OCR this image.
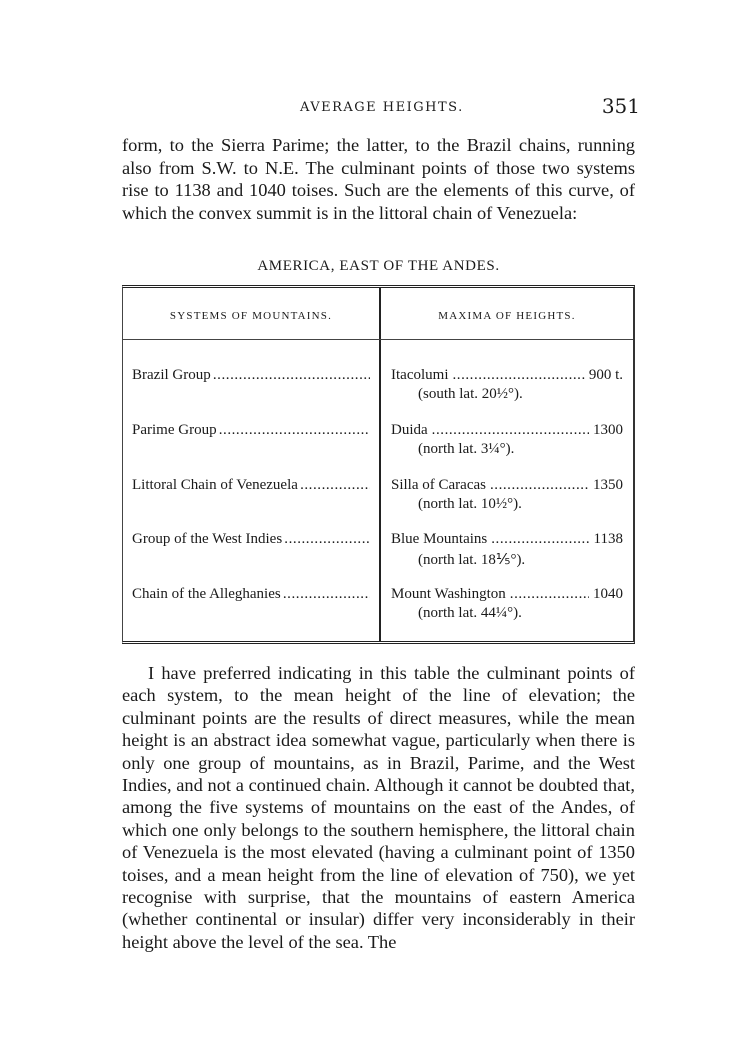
AVERAGE HEIGHTS.	351

form, to the Sierra Parime; the latter, to the Brazil chains, running also from S.W. to N.E. The culminant points of those two systems rise to 1138 and 1040 toises. Such are the elements of this curve, of which the convex summit is in the littoral chain of Venezuela:

AMERICA, EAST OF THE ANDES.
SYSTEMS OF MOUNTAINS.	MAXIMA OF HEIGHTS.
Brazil Group . . .	Itacolumi . . .	900 t.
(south lat. 20½°).
Parime Group . . .	Duida . . .	1300
(north lat. 3¼°).
Littoral Chain of Venezuela . . .	Silla of Caracas . . .	1350
(north lat. 10½°).
Group of the West Indies . . .	Blue Mountains . . .	1138
(north lat. 18⅕°).
Chain of the Alleghanies . . .	Mount Washington . . .	1040
(north lat. 44¼°).

I have preferred indicating in this table the culminant points of each system, to the mean height of the line of elevation; the culminant points are the results of direct measures, while the mean height is an abstract idea somewhat vague, particularly when there is only one group of mountains, as in Brazil, Parime, and the West Indies, and not a continued chain. Although it cannot be doubted that, among the five systems of mountains on the east of the Andes, of which one only belongs to the southern hemisphere, the littoral chain of Venezuela is the most elevated (having a culminant point of 1350 toises, and a mean height from the line of elevation of 750), we yet recognise with surprise, that the mountains of eastern America (whether continental or insular) differ very inconsiderably in their height above the level of the sea. The
